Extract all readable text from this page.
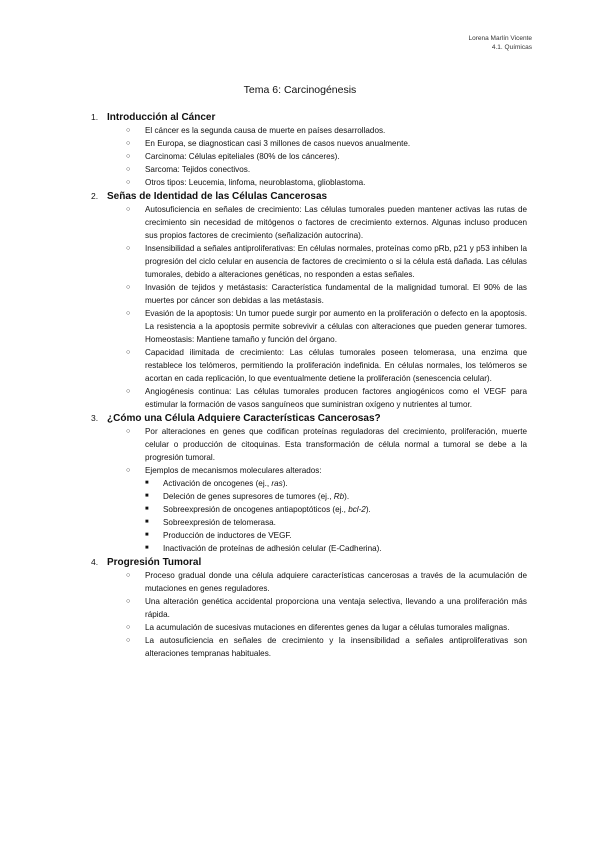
Lorena Marlín Vicente
4.1. Químicas
Tema 6: Carcinogénesis
1. Introducción al Cáncer
○ El cáncer es la segunda causa de muerte en países desarrollados.
○ En Europa, se diagnostican casi 3 millones de casos nuevos anualmente.
○ Carcinoma: Células epiteliales (80% de los cánceres).
○ Sarcoma: Tejidos conectivos.
○ Otros tipos: Leucemia, linfoma, neuroblastoma, glioblastoma.
2. Señas de Identidad de las Células Cancerosas
○ Autosuficiencia en señales de crecimiento: Las células tumorales pueden mantener activas las rutas de crecimiento sin necesidad de mitógenos o factores de crecimiento externos. Algunas incluso producen sus propios factores de crecimiento (señalización autocrina).
○ Insensibilidad a señales antiproliferativas: En células normales, proteínas como pRb, p21 y p53 inhiben la progresión del ciclo celular en ausencia de factores de crecimiento o si la célula está dañada. Las células tumorales, debido a alteraciones genéticas, no responden a estas señales.
○ Invasión de tejidos y metástasis: Característica fundamental de la malignidad tumoral. El 90% de las muertes por cáncer son debidas a las metástasis.
○ Evasión de la apoptosis: Un tumor puede surgir por aumento en la proliferación o defecto en la apoptosis. La resistencia a la apoptosis permite sobrevivir a células con alteraciones que pueden generar tumores. Homeostasis: Mantiene tamaño y función del órgano.
○ Capacidad ilimitada de crecimiento: Las células tumorales poseen telomerasa, una enzima que restablece los telómeros, permitiendo la proliferación indefinida. En células normales, los telómeros se acortan en cada replicación, lo que eventualmente detiene la proliferación (senescencia celular).
○ Angiogénesis continua: Las células tumorales producen factores angiogénicos como el VEGF para estimular la formación de vasos sanguíneos que suministran oxígeno y nutrientes al tumor.
3. ¿Cómo una Célula Adquiere Características Cancerosas?
○ Por alteraciones en genes que codifican proteínas reguladoras del crecimiento, proliferación, muerte celular o producción de citoquinas. Esta transformación de célula normal a tumoral se debe a la progresión tumoral.
○ Ejemplos de mecanismos moleculares alterados:
■ Activación de oncogenes (ej., ras).
■ Deleción de genes supresores de tumores (ej., Rb).
■ Sobreexpresión de oncogenes antiapoptóticos (ej., bcl-2).
■ Sobreexpresión de telomerasa.
■ Producción de inductores de VEGF.
■ Inactivación de proteínas de adhesión celular (E-Cadherina).
4. Progresión Tumoral
○ Proceso gradual donde una célula adquiere características cancerosas a través de la acumulación de mutaciones en genes reguladores.
○ Una alteración genética accidental proporciona una ventaja selectiva, llevando a una proliferación más rápida.
○ La acumulación de sucesivas mutaciones en diferentes genes da lugar a células tumorales malignas.
○ La autosuficiencia en señales de crecimiento y la insensibilidad a señales antiproliferativas son alteraciones tempranas habituales.
